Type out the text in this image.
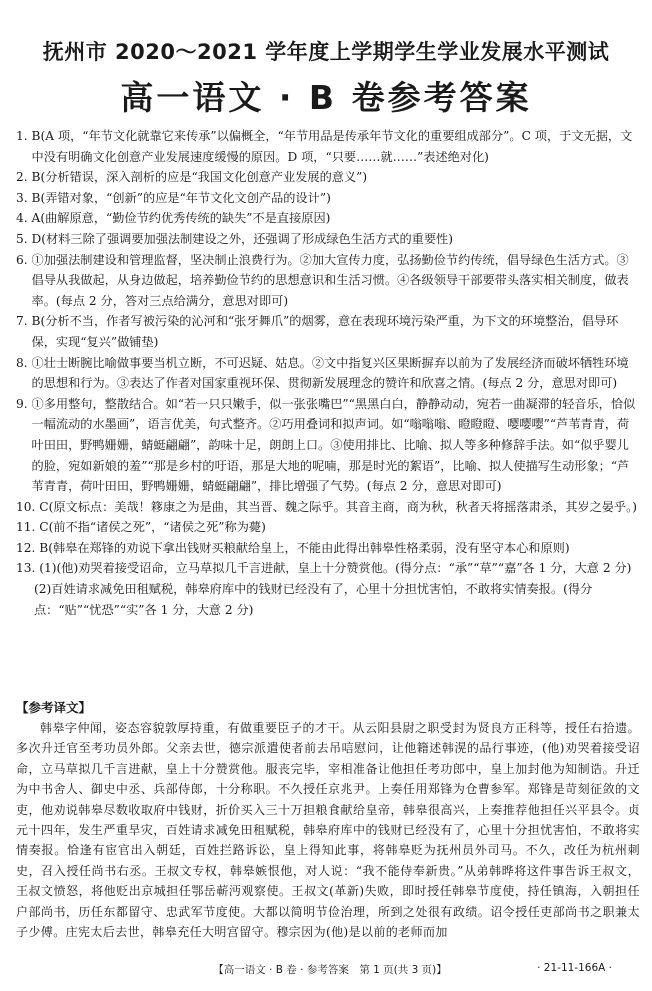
抚州市 2020～2021 学年度上学期学生学业发展水平测试
高一语文 · B 卷参考答案
1. B(A 项，“年节文化就靠它来传承”以偏概全，“年节用品是传承年节文化的重要组成部分”。C 项，于文无据，文中没有明确文化创意产业发展速度缓慢的原因。D 项，“只要……就……”表述绝对化)
2. B(分析错误，深入剖析的应是“我国文化创意产业发展的意义”)
3. B(弄错对象，“创新”的应是“年节文化文创产品的设计”)
4. A(曲解原意，“勤俭节约优秀传统的缺失”不是直接原因)
5. D(材料三除了强调要加强法制建设之外，还强调了形成绿色生活方式的重要性)
6. ①加强法制建设和管理监督，坚决制止浪费行为。②加大宣传力度，弘扬勤俭节约传统，倡导绿色生活方式。③倡导从我做起，从身边做起，培养勤俭节约的思想意识和生活习惯。④各级领导干部要带头落实相关制度，做表率。(每点 2 分，答对三点给满分，意思对即可)
7. B(分析不当，作者写被污染的沁河和“张牙舞爪”的烟雾，意在表现环境污染严重，为下文的环境整治，倡导环保，实现“复兴”做铺垫)
8. ①壮士断腕比喻做事要当机立断，不可迟疑、姑息。②文中指复兴区果断摒弃以前为了发展经济而破坏牺牲环境的思想和行为。③表达了作者对国家重视环保、贯彻新发展理念的赞许和欣喜之情。(每点 2 分，意思对即可)
9. ①多用整句，整散结合。如“若一只只嫩手，似一张张嘴巴”“黑黑白白，静静动动，宛若一曲凝滞的轻音乐，恰似一幅流动的水墨画”，语言优美，句式整齐。②巧用叠词和拟声词。如“嗡嗡嗡、瞪瞪瞪、嘤嘤嘤”“芦苇青青，荷叶田田，野鸭姗姗，蜻蜓翩翩”，韵味十足，朗朗上口。③使用排比、比喻、拟人等多种修辞手法。如“似乎婴儿的脸，宛如新娘的羞”“那是乡村的吁语，那是大地的呢喃，那是时光的絮语”，比喻、拟人使描写生动形象；“芦苇青青，荷叶田田，野鸭姗姗，蜻蜓翩翩”，排比增强了气势。(每点 2 分，意思对即可)
10. C(原文标点：美哉！簃康之为是曲，其当晋、魏之际乎。其音主商，商为秋，秋者天将摇落肃杀，其岁之晏乎。)
11. C(前不指“诸侯之死”，“诸侯之死”称为薨)
12. B(韩皋在郑锋的劝说下拿出钱财买粮献给皇上，不能由此得出韩皋性格柔弱，没有坚守本心和原则)
13. (1)(他)劝哭着接受诏命，立马草拟几千言进献，皇上十分赞赏他。(得分点：“承”“草”“嘉”各 1 分，大意 2 分)
(2)百姓请求减免田租赋税，韩皋府库中的钱财已经没有了，心里十分担忧害怕，不敢将实情奏报。(得分点：“贴”“忧恐”“实”各 1 分，大意 2 分)
【参考译文】
韩皋字仲闻，姿态容貌敦厚持重，有做重要臣子的才干。从云阳县尉之职受封为贤良方正科等，授任右拾遗。多次升迁官至考功员外郎。父亲去世，德宗派遣使者前去吊唁慰问，让他籍述韩滉的品行事迹，(他)劝哭着接受诏命，立马草拟几千言进献，皇上十分赞赏他。服丧完毕，宰相准备让他担任考功郎中，皇上加封他为知制诰。升迁为中书舍人、御史中丞、兵部侍郎，十分称职。不久授任京兆尹。上奏任用郑锋为仓曹参军。郑锋是苛刻征敛的文吏，他劝说韩皋尽数收取府中钱财，折价买入三十万担粮食献给皇帝，韩皋很高兴，上奏推荐他担任兴平县令。贞元十四年，发生严重旱灾，百姓请求减免田租赋税，韩皋府库中的钱财已经没有了，心里十分担忧害怕，不敢将实情奏报。恰逢有宦官出入朝廷，百姓拦路诉讼，皇上得知此事，将韩皋贬为抚州员外司马。不久，改任为杭州刺史，召入授任尚书右丞。王叔文专权，韩皋嫉恨他，对人说：“我不能侍奉新贵。”从弟韩晔将这件事告诉王叔文，王叔文愤怒，将他贬出京城担任鄂岳蕲沔观察使。王叔文(革新)失败，即时授任韩皋节度使，持任镇海，入朝担任户部尚书，历任东都留守、忠武军节度使。大都以简明节俭治理，所到之处很有政绩。诏令授任吏部尚书之职兼太子少傅。庄宪太后去世，韩皋充任大明宫留守。穆宗因为(他)是以前的老师而加
【高一语文 · B 卷 · 参考答案　第 1 页(共 3 页)】	· 21-11-166A ·
